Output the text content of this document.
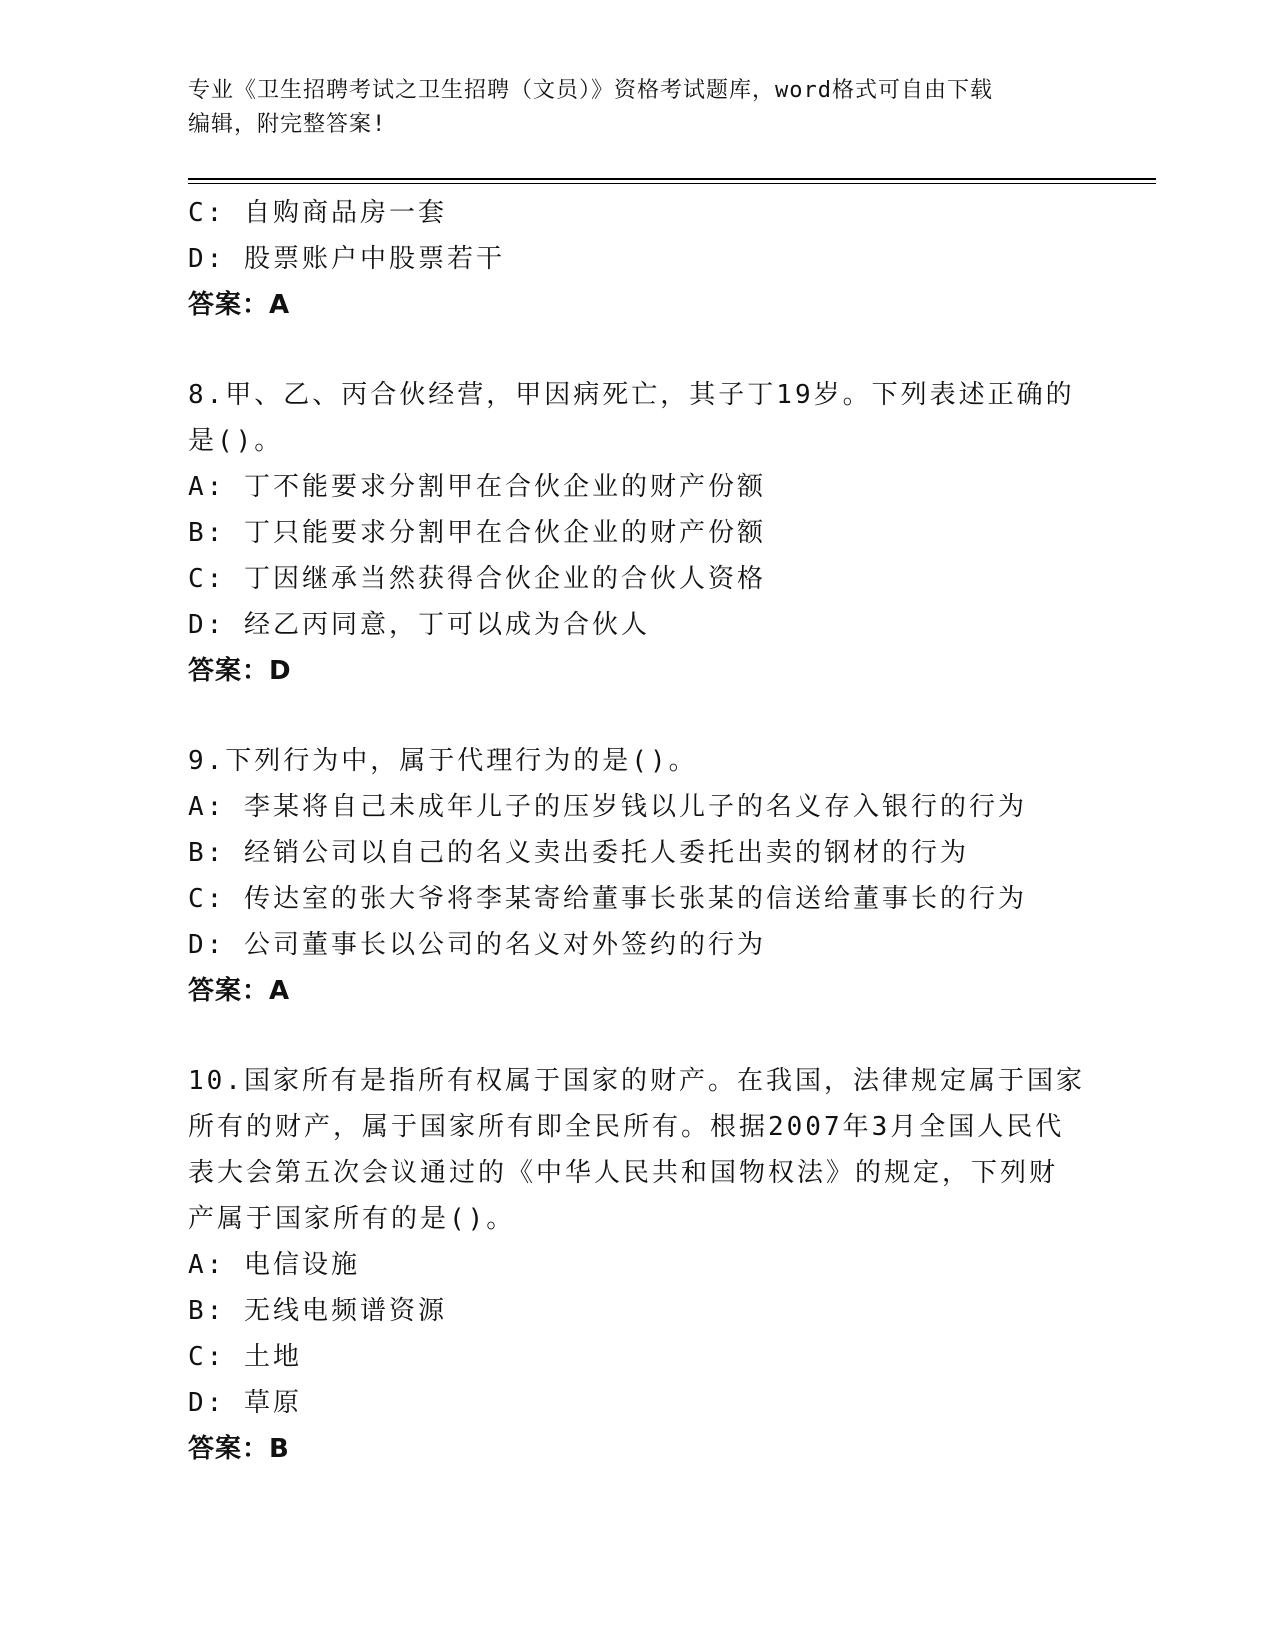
专业《卫生招聘考试之卫生招聘（文员）》资格考试题库，word格式可自由下载
编辑，附完整答案!
C: 自购商品房一套
D: 股票账户中股票若干
答案：A
8.甲、乙、丙合伙经营，甲因病死亡，其子丁19岁。下列表述正确的
是()。
A: 丁不能要求分割甲在合伙企业的财产份额
B: 丁只能要求分割甲在合伙企业的财产份额
C: 丁因继承当然获得合伙企业的合伙人资格
D: 经乙丙同意，丁可以成为合伙人
答案：D
9.下列行为中，属于代理行为的是()。
A: 李某将自己未成年儿子的压岁钱以儿子的名义存入银行的行为
B: 经销公司以自己的名义卖出委托人委托出卖的钢材的行为
C: 传达室的张大爷将李某寄给董事长张某的信送给董事长的行为
D: 公司董事长以公司的名义对外签约的行为
答案：A
10.国家所有是指所有权属于国家的财产。在我国，法律规定属于国家
所有的财产，属于国家所有即全民所有。根据2007年3月全国人民代
表大会第五次会议通过的《中华人民共和国物权法》的规定，下列财
产属于国家所有的是()。
A: 电信设施
B: 无线电频谱资源
C: 土地
D: 草原
答案：B
